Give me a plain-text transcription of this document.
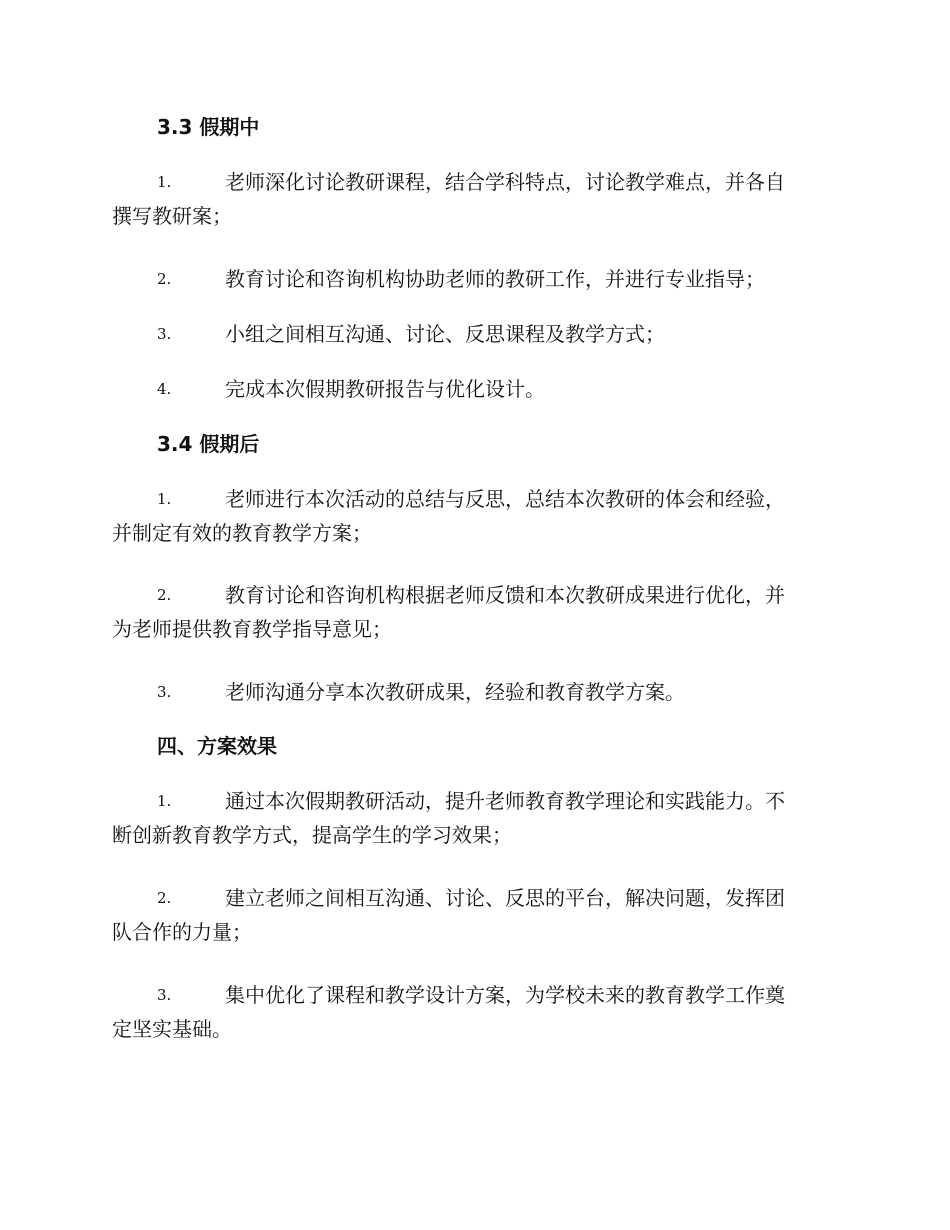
3.3 假期中
1.	老师深化讨论教研课程，结合学科特点，讨论教学难点，并各自
撰写教研案；
2.	教育讨论和咨询机构协助老师的教研工作，并进行专业指导；
3.	小组之间相互沟通、讨论、反思课程及教学方式；
4.	完成本次假期教研报告与优化设计。
3.4 假期后
1.	老师进行本次活动的总结与反思，总结本次教研的体会和经验，
并制定有效的教育教学方案；
2.	教育讨论和咨询机构根据老师反馈和本次教研成果进行优化，并
为老师提供教育教学指导意见；
3.	老师沟通分享本次教研成果，经验和教育教学方案。
四、方案效果
1.	通过本次假期教研活动，提升老师教育教学理论和实践能力。不
断创新教育教学方式，提高学生的学习效果；
2.	建立老师之间相互沟通、讨论、反思的平台，解决问题，发挥团
队合作的力量；
3.	集中优化了课程和教学设计方案，为学校未来的教育教学工作奠
定坚实基础。
